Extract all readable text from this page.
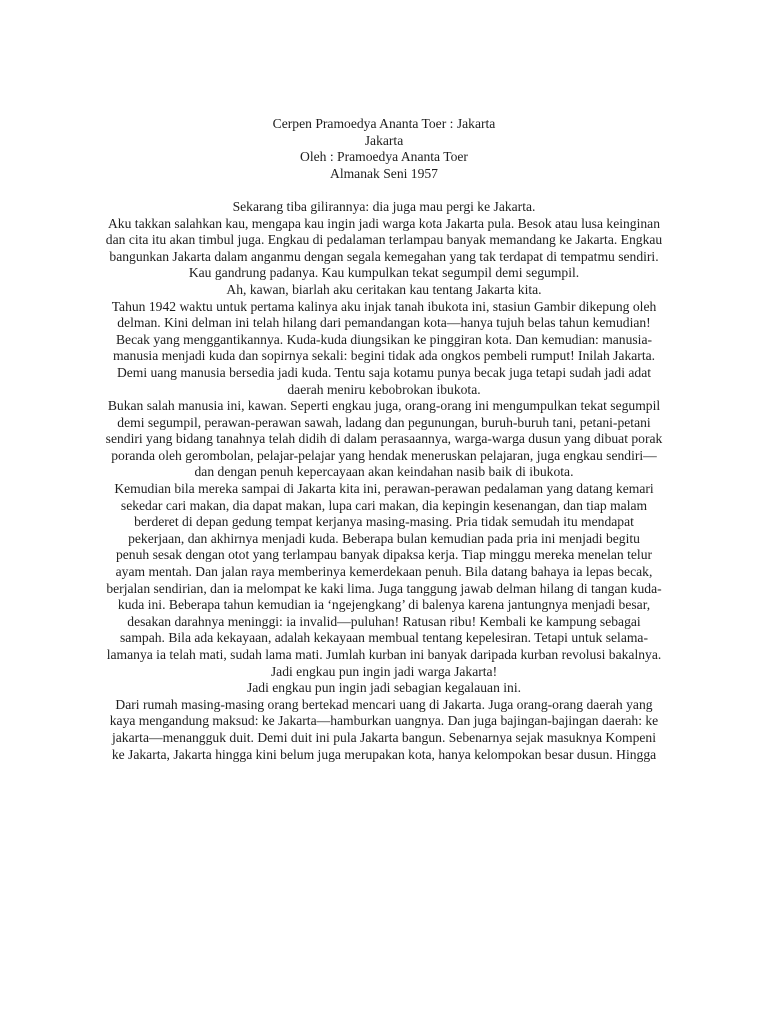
Cerpen Pramoedya Ananta Toer : Jakarta

Jakarta

Oleh : Pramoedya Ananta Toer

Almanak Seni 1957

Sekarang tiba gilirannya: dia juga mau pergi ke Jakarta.

Aku takkan salahkan kau, mengapa kau ingin jadi warga kota Jakarta pula. Besok atau lusa keinginan
dan cita itu akan timbul juga. Engkau di pedalaman terlampau banyak memandang ke Jakarta. Engkau
bangunkan Jakarta dalam anganmu dengan segala kemegahan yang tak terdapat di tempatmu sendiri.
Kau gandrung padanya. Kau kumpulkan tekat segumpil demi segumpil.

Ah, kawan, biarlah aku ceritakan kau tentang Jakarta kita.

Tahun 1942 waktu untuk pertama kalinya aku injak tanah ibukota ini, stasiun Gambir dikepung oleh
delman. Kini delman ini telah hilang dari pemandangan kota—hanya tujuh belas tahun kemudian!
Becak yang menggantikannya. Kuda-kuda diungsikan ke pinggiran kota. Dan kemudian: manusia-
manusia menjadi kuda dan sopirnya sekali: begini tidak ada ongkos pembeli rumput! Inilah Jakarta.
Demi uang manusia bersedia jadi kuda. Tentu saja kotamu punya becak juga tetapi sudah jadi adat
daerah meniru kebobrokan ibukota.

Bukan salah manusia ini, kawan. Seperti engkau juga, orang-orang ini mengumpulkan tekat segumpil
demi segumpil, perawan-perawan sawah, ladang dan pegunungan, buruh-buruh tani, petani-petani
sendiri yang bidang tanahnya telah didih di dalam perasaannya, warga-warga dusun yang dibuat porak
poranda oleh gerombolan, pelajar-pelajar yang hendak meneruskan pelajaran, juga engkau sendiri—
dan dengan penuh kepercayaan akan keindahan nasib baik di ibukota.

Kemudian bila mereka sampai di Jakarta kita ini, perawan-perawan pedalaman yang datang kemari
sekedar cari makan, dia dapat makan, lupa cari makan, dia kepingin kesenangan, dan tiap malam
berderet di depan gedung tempat kerjanya masing-masing. Pria tidak semudah itu mendapat
pekerjaan, dan akhirnya menjadi kuda. Beberapa bulan kemudian pada pria ini menjadi begitu
penuh sesak dengan otot yang terlampau banyak dipaksa kerja. Tiap minggu mereka menelan telur
ayam mentah. Dan jalan raya memberinya kemerdekaan penuh. Bila datang bahaya ia lepas becak,
berjalan sendirian, dan ia melompat ke kaki lima. Juga tanggung jawab delman hilang di tangan kuda-
kuda ini. Beberapa tahun kemudian ia ‘ngejengkang’ di balenya karena jantungnya menjadi besar,
desakan darahnya meninggi: ia invalid—puluhan! Ratusan ribu! Kembali ke kampung sebagai
sampah. Bila ada kekayaan, adalah kekayaan membual tentang kepelesiran. Tetapi untuk selama-
lamanya ia telah mati, sudah lama mati. Jumlah kurban ini banyak daripada kurban revolusi bakalnya.

Jadi engkau pun ingin jadi warga Jakarta!

Jadi engkau pun ingin jadi sebagian kegalauan ini.

Dari rumah masing-masing orang bertekad mencari uang di Jakarta. Juga orang-orang daerah yang
kaya mengandung maksud: ke Jakarta—hamburkan uangnya. Dan juga bajingan-bajingan daerah: ke
jakarta—menangguk duit. Demi duit ini pula Jakarta bangun. Sebenarnya sejak masuknya Kompeni
ke Jakarta, Jakarta hingga kini belum juga merupakan kota, hanya kelompokan besar dusun. Hingga
